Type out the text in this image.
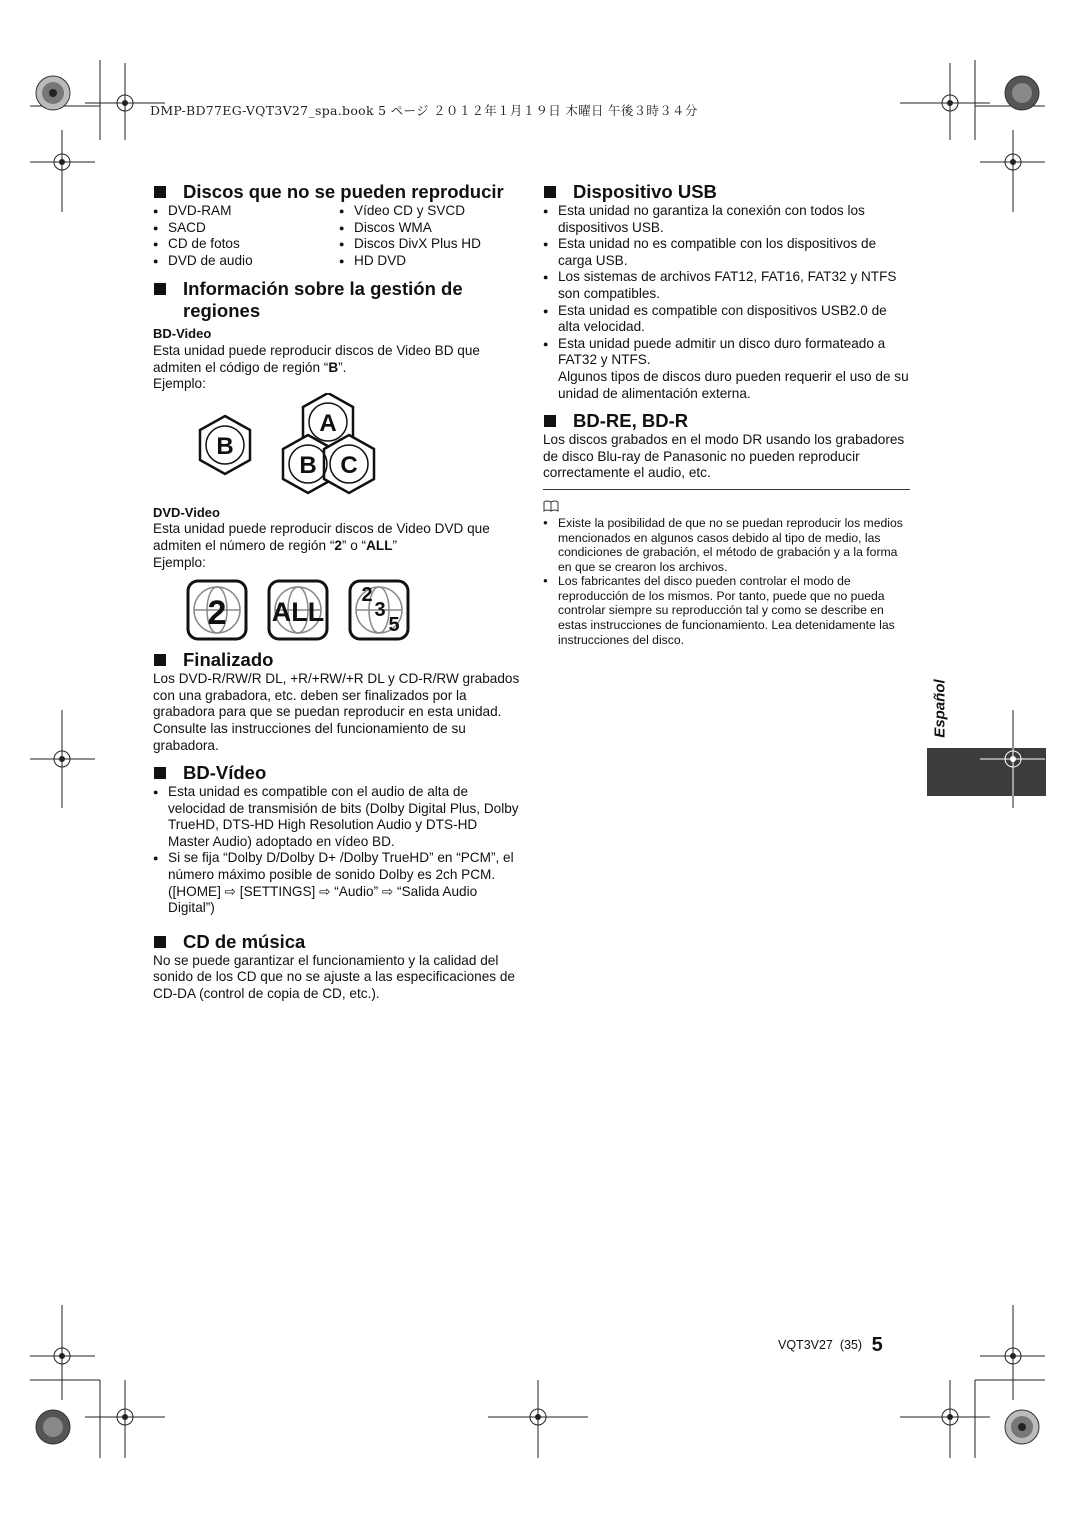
DMP-BD77EG-VQT3V27_spa.book 5 ページ ２０１２年１月１９日 木曜日 午後３時３４分
Discos que no se pueden reproducir
● DVD-RAM	● Vídeo CD y SVCD
● SACD	● Discos WMA
● CD de fotos	● Discos DivX Plus HD
● DVD de audio	● HD DVD
Información sobre la gestión de
regiones
BD-Video

Esta unidad puede reproducir discos de Video BD que admiten el código de región “B”.

Ejemplo:

B
A
B C
DVD-Video

Esta unidad puede reproducir discos de Video DVD que admiten el número de región “2” o “ALL”

Ejemplo:

2 ALL
2
3
5
Finalizado

Los DVD-R/RW/R DL, +R/+RW/+R DL y CD-R/RW grabados con una grabadora, etc. deben ser finalizados por la grabadora para que se puedan reproducir en esta unidad. Consulte las instrucciones del funcionamiento de su grabadora.

BD-Vídeo
● Esta unidad es compatible con el audio de alta de velocidad de transmisión de bits (Dolby Digital Plus, Dolby TrueHD, DTS-HD High Resolution Audio y DTS-HD Master Audio) adoptado en vídeo BD.
● Si se fija “Dolby D/Dolby D+ /Dolby TrueHD” en “PCM”, el número máximo posible de sonido Dolby es 2ch PCM. ([HOME] ⇨ [SETTINGS] ⇨ “Audio” ⇨ “Salida Audio Digital”)
CD de música

No se puede garantizar el funcionamiento y la calidad del sonido de los CD que no se ajuste a las especificaciones de CD-DA (control de copia de CD, etc.).

Dispositivo USB
● Esta unidad no garantiza la conexión con todos los dispositivos USB.
● Esta unidad no es compatible con los dispositivos de carga USB.
● Los sistemas de archivos FAT12, FAT16, FAT32 y NTFS son compatibles.
● Esta unidad es compatible con dispositivos USB2.0 de alta velocidad.
● Esta unidad puede admitir un disco duro formateado a FAT32 y NTFS.

Algunos tipos de discos duro pueden requerir el uso de su unidad de alimentación externa.

BD-RE, BD-R

Los discos grabados en el modo DR usando los grabadores de disco Blu-ray de Panasonic no pueden reproducir correctamente el audio, etc.

● Existe la posibilidad de que no se puedan reproducir los medios mencionados en algunos casos debido al tipo de medio, las condiciones de grabación, el método de grabación y a la forma en que se crearon los archivos.
● Los fabricantes del disco pueden controlar el modo de reproducción de los mismos. Por tanto, puede que no pueda controlar siempre su reproducción tal y como se describe en estas instrucciones de funcionamiento. Lea detenidamente las instrucciones del disco.
Español
VQT3V27 (35) 5
